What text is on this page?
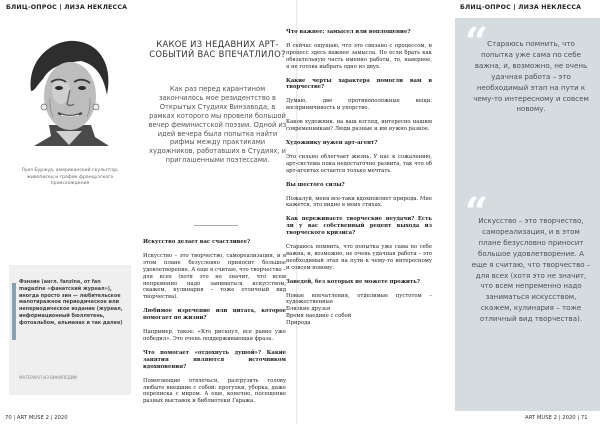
БЛИЦ-ОПРОС | ЛИЗА НЕКЛЕССА
Луиз Буржуа, американский скульптор, живописец и график французского происхождения
Фэнзин (англ. fanzine, от fan magazine «фанатский журнал»), иногда просто зин — любительское малотиражное периодическое или непериодическое издание (журнал, информационный бюллетень, фотоальбом, альманах и так далее)
МАТЕРИАЛ ИЗ ВИКИПЕДИИ
КАКОЕ ИЗ НЕДАВНИХ АРТ-СОБЫТИЙ ВАС ВПЕЧАТЛИЛО?
Как раз перед карантином закончилось мое резидентство в Открытых Студиях Винзавода, в рамках которого мы провели большой вечер феминистской поэзии. Одной из идей вечера была попытка найти рифмы между практиками художников, работавших в Студиях, и приглашенными поэтессами.

Искусство делает вас счастливее?

Искусство – это творчество, самореализация, и в этом плане безусловно приносит большое удовлетворение. А еще я считаю, что творчество – для всех (хотя это не значит, что всем непременно надо заниматься искусством, скажем, кулинария – тоже отличный вид творчества).

Любимое изречение или цитата, которое помогает по жизни?

Например, такое: «Кто рискнул, все равно уже победил». Это очень поддерживающая фраза.

Что помогает «отдохнуть душой»? Какие занятия являются источником вдохновения?

Помогающие отвлечься, разгрузить голову любыте внешние с собой: прогулки, уборка, даже переписка с миром. А еще, конечно, посещение разных выставок и библиотеки Гаража.

70 | ART MUSE 2 | 2020
БЛИЦ-ОПРОС | ЛИЗА НЕКЛЕССА
ART MUSE 2 | 2020 | 71

Что важнее: замысел или воплощение?

Я сейчас ощущаю, что это связано с процессом, и процесс здесь важнее замысла. Но если брать как обязательную часть именно работы, то, наверное, я не готова выбрать одно из двух.

Какие черты характера помогли вам в творчестве?

Думаю, две противоположные вещи: восприимчивость и упорство.

Каков художник, на ваш взгляд, интересно нашим современникам? Люди разные и им нужно разное.

Художнику нужен арт-агент?

Это сильно облегчает жизнь. У нас к сожалению, арт-система пока недостаточно развита, так что об арт-агентах остается только мечтать.

Вы шестого силы?

Пожалуй, меня все-таки вдохновляет природа. Мне кажется, это видно в моих стихах.

Как пережинаете творческие неудачи? Есть ли у вас собственный рецепт выхода из творческого кризиса?

Стараюсь помнить, что попытка уже сама по себе важна, и, возможно, не очень удачная работа – это необходимый этап на пути к чему-то интересному и совсем новому.

Заведей, без которых не можете прожить?

Новые впечатления, отделимые пустотом – художественные
Близкие друзья
Время наедине с собой
Природа

“ Стараюсь помнить, что попытка уже сама по себе важна, и, возможно, не очень удачная работа – это необходимый этап на пути к чему-то интересному и совсем новому.
“
Искусство – это творчество, самореализация, и в этом плане безусловно приносит большое удовлетворение. А еще я считаю, что творчество – для всех (хотя это не значит, что всем непременно надо заниматься искусством, скажем, кулинария – тоже отличный вид творчества).
